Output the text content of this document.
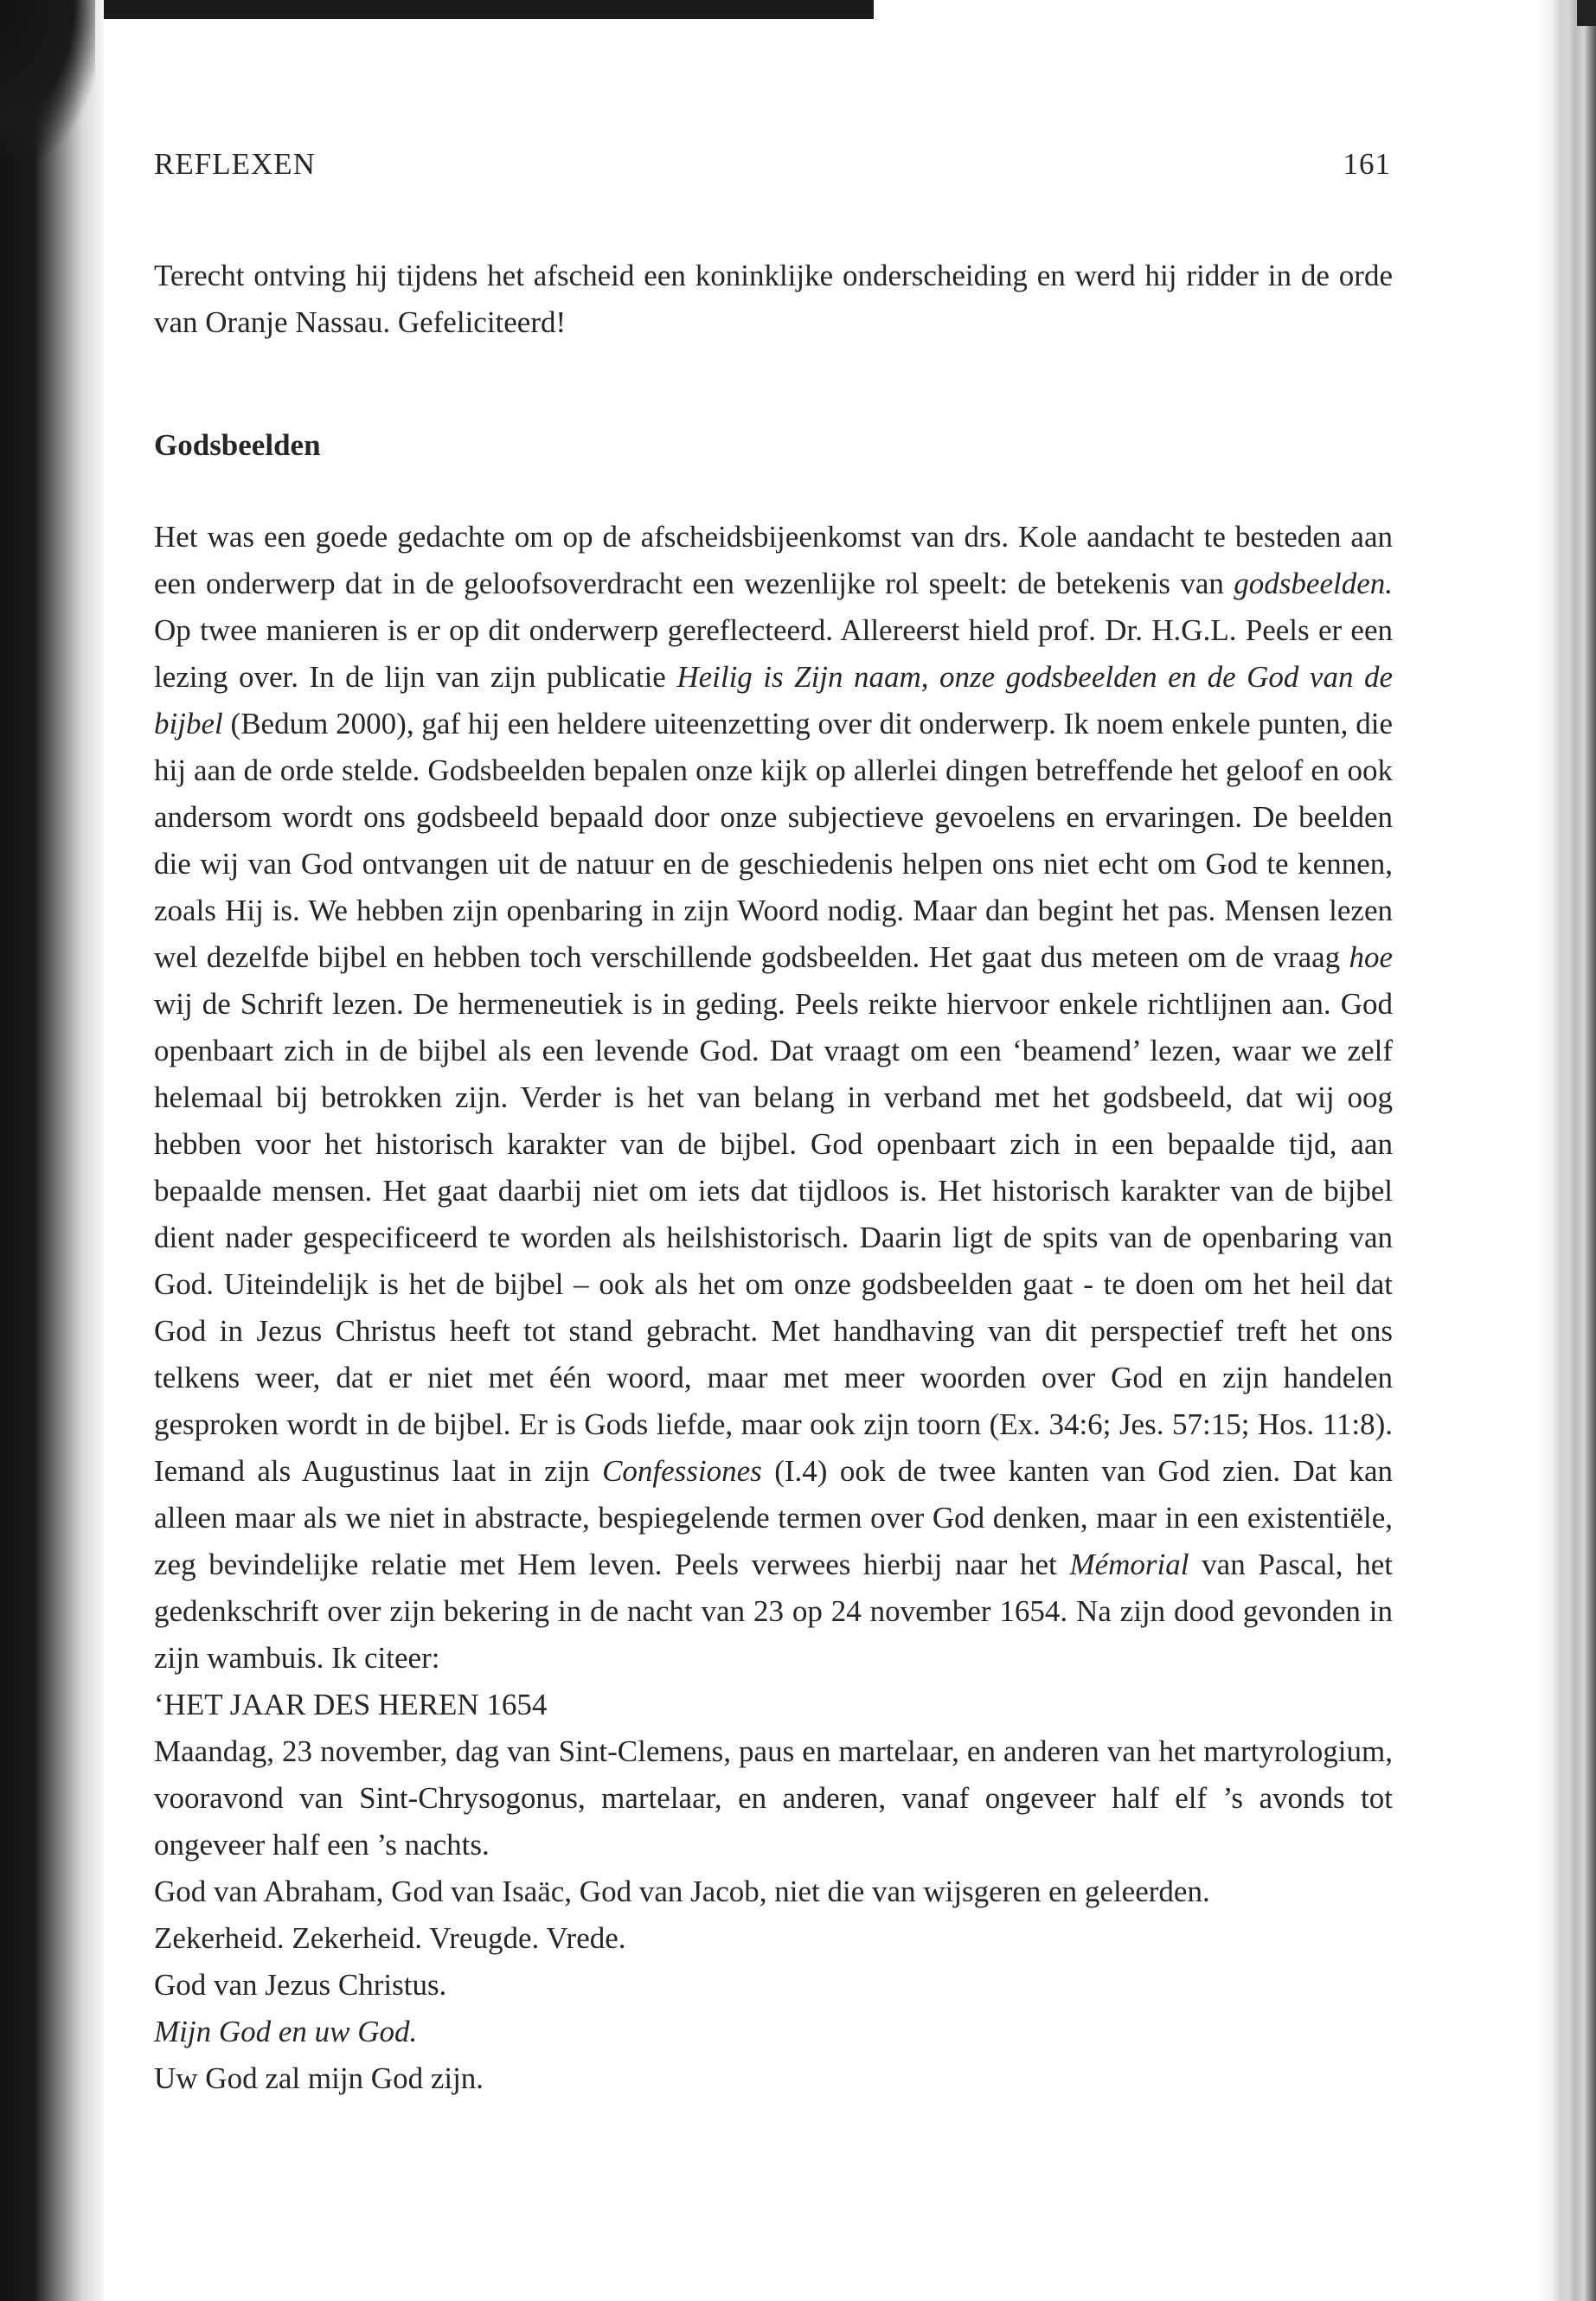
REFLEXEN	161

Terecht ontving hij tijdens het afscheid een koninklijke onderscheiding en werd hij ridder in de orde van Oranje Nassau. Gefeliciteerd!

Godsbeelden

Het was een goede gedachte om op de afscheidsbijeenkomst van drs. Kole aandacht te besteden aan een onderwerp dat in de geloofsoverdracht een wezenlijke rol speelt: de betekenis van godsbeelden. Op twee manieren is er op dit onderwerp gereflecteerd. Allereerst hield prof. Dr. H.G.L. Peels er een lezing over. In de lijn van zijn publicatie Heilig is Zijn naam, onze godsbeelden en de God van de bijbel (Bedum 2000), gaf hij een heldere uiteenzetting over dit onderwerp. Ik noem enkele punten, die hij aan de orde stelde. Godsbeelden bepalen onze kijk op allerlei dingen betreffende het geloof en ook andersom wordt ons godsbeeld bepaald door onze subjectieve gevoelens en ervaringen. De beelden die wij van God ontvangen uit de natuur en de geschiedenis helpen ons niet echt om God te kennen, zoals Hij is. We hebben zijn openbaring in zijn Woord nodig. Maar dan begint het pas. Mensen lezen wel dezelfde bijbel en hebben toch verschillende godsbeelden. Het gaat dus meteen om de vraag hoe wij de Schrift lezen. De hermeneutiek is in geding. Peels reikte hiervoor enkele richtlijnen aan. God openbaart zich in de bijbel als een levende God. Dat vraagt om een ‘beamend’ lezen, waar we zelf helemaal bij betrokken zijn. Verder is het van belang in verband met het godsbeeld, dat wij oog hebben voor het historisch karakter van de bijbel. God openbaart zich in een bepaalde tijd, aan bepaalde mensen. Het gaat daarbij niet om iets dat tijdloos is. Het historisch karakter van de bijbel dient nader gespecificeerd te worden als heilshistorisch. Daarin ligt de spits van de openbaring van God. Uiteindelijk is het de bijbel – ook als het om onze godsbeelden gaat - te doen om het heil dat God in Jezus Christus heeft tot stand gebracht. Met handhaving van dit perspectief treft het ons telkens weer, dat er niet met één woord, maar met meer woorden over God en zijn handelen gesproken wordt in de bijbel. Er is Gods liefde, maar ook zijn toorn (Ex. 34:6; Jes. 57:15; Hos. 11:8). Iemand als Augustinus laat in zijn Confessiones (I.4) ook de twee kanten van God zien. Dat kan alleen maar als we niet in abstracte, bespiegelende termen over God denken, maar in een existentiële, zeg bevindelijke relatie met Hem leven. Peels verwees hierbij naar het Mémorial van Pascal, het gedenkschrift over zijn bekering in de nacht van 23 op 24 november 1654. Na zijn dood gevonden in zijn wambuis. Ik citeer:

‘HET JAAR DES HEREN 1654

Maandag, 23 november, dag van Sint-Clemens, paus en martelaar, en anderen van het martyrologium, vooravond van Sint-Chrysogonus, martelaar, en anderen, vanaf ongeveer half elf ’s avonds tot ongeveer half een ’s nachts.

God van Abraham, God van Isaäc, God van Jacob, niet die van wijsgeren en geleerden.

Zekerheid. Zekerheid. Vreugde. Vrede.

God van Jezus Christus.

Mijn God en uw God.

Uw God zal mijn God zijn.
